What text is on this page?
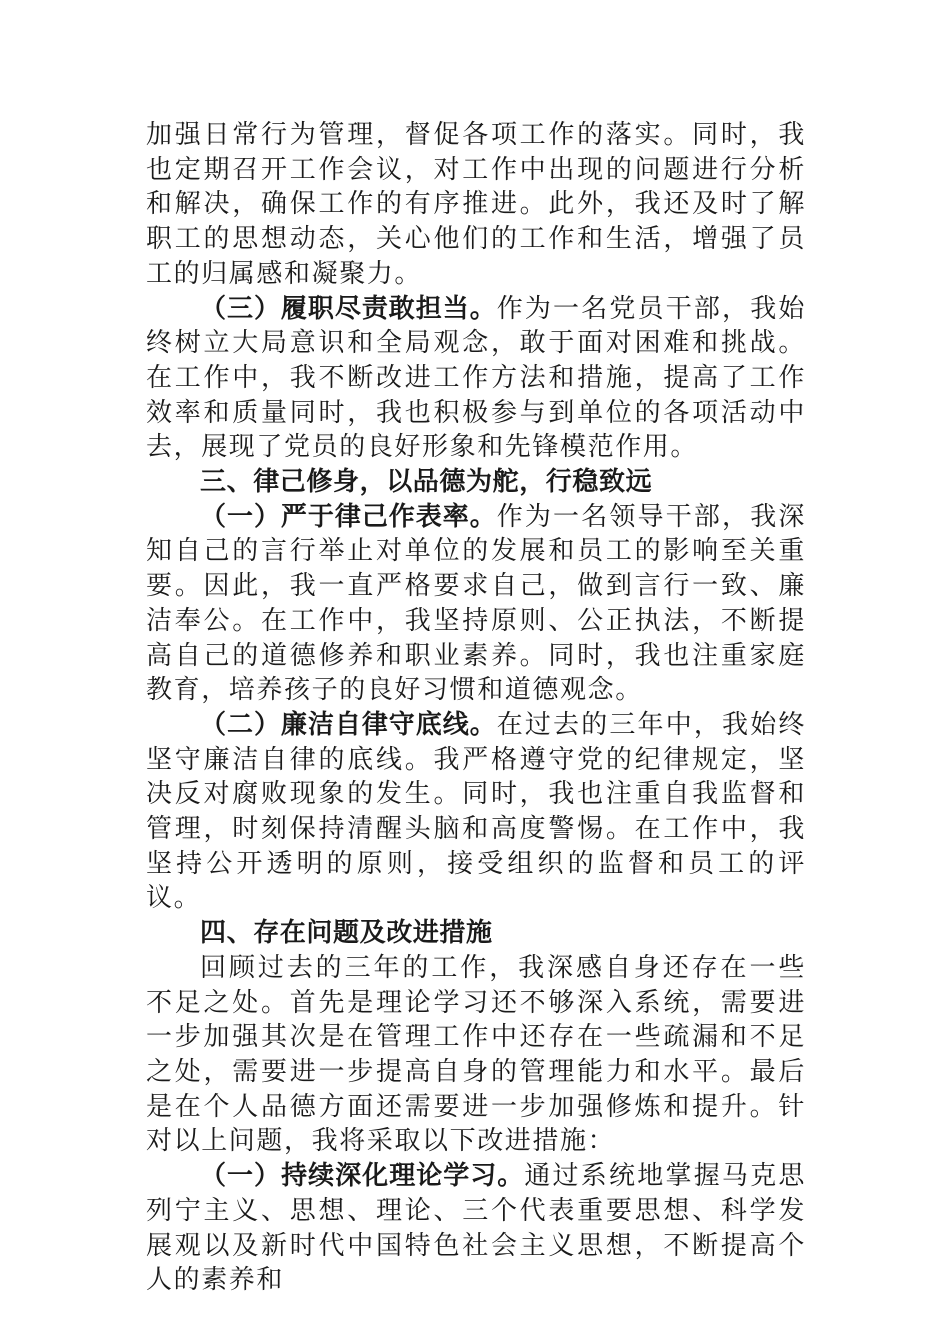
加强日常行为管理，督促各项工作的落实。同时，我也定期召开工作会议，对工作中出现的问题进行分析和解决，确保工作的有序推进。此外，我还及时了解职工的思想动态，关心他们的工作和生活，增强了员工的归属感和凝聚力。

（三）履职尽责敢担当。作为一名党员干部，我始终树立大局意识和全局观念，敢于面对困难和挑战。在工作中，我不断改进工作方法和措施，提高了工作效率和质量同时，我也积极参与到单位的各项活动中去，展现了党员的良好形象和先锋模范作用。

三、律己修身，以品德为舵，行稳致远

（一）严于律己作表率。作为一名领导干部，我深知自己的言行举止对单位的发展和员工的影响至关重要。因此，我一直严格要求自己，做到言行一致、廉洁奉公。在工作中，我坚持原则、公正执法，不断提高自己的道德修养和职业素养。同时，我也注重家庭教育，培养孩子的良好习惯和道德观念。

（二）廉洁自律守底线。在过去的三年中，我始终坚守廉洁自律的底线。我严格遵守党的纪律规定，坚决反对腐败现象的发生。同时，我也注重自我监督和管理，时刻保持清醒头脑和高度警惕。在工作中，我坚持公开透明的原则，接受组织的监督和员工的评议。

四、存在问题及改进措施

回顾过去的三年的工作，我深感自身还存在一些不足之处。首先是理论学习还不够深入系统，需要进一步加强其次是在管理工作中还存在一些疏漏和不足之处，需要进一步提高自身的管理能力和水平。最后是在个人品德方面还需要进一步加强修炼和提升。针对以上问题，我将采取以下改进措施：

（一）持续深化理论学习。通过系统地掌握马克思列宁主义、思想、理论、三个代表重要思想、科学发展观以及新时代中国特色社会主义思想，不断提高个人的素养和
